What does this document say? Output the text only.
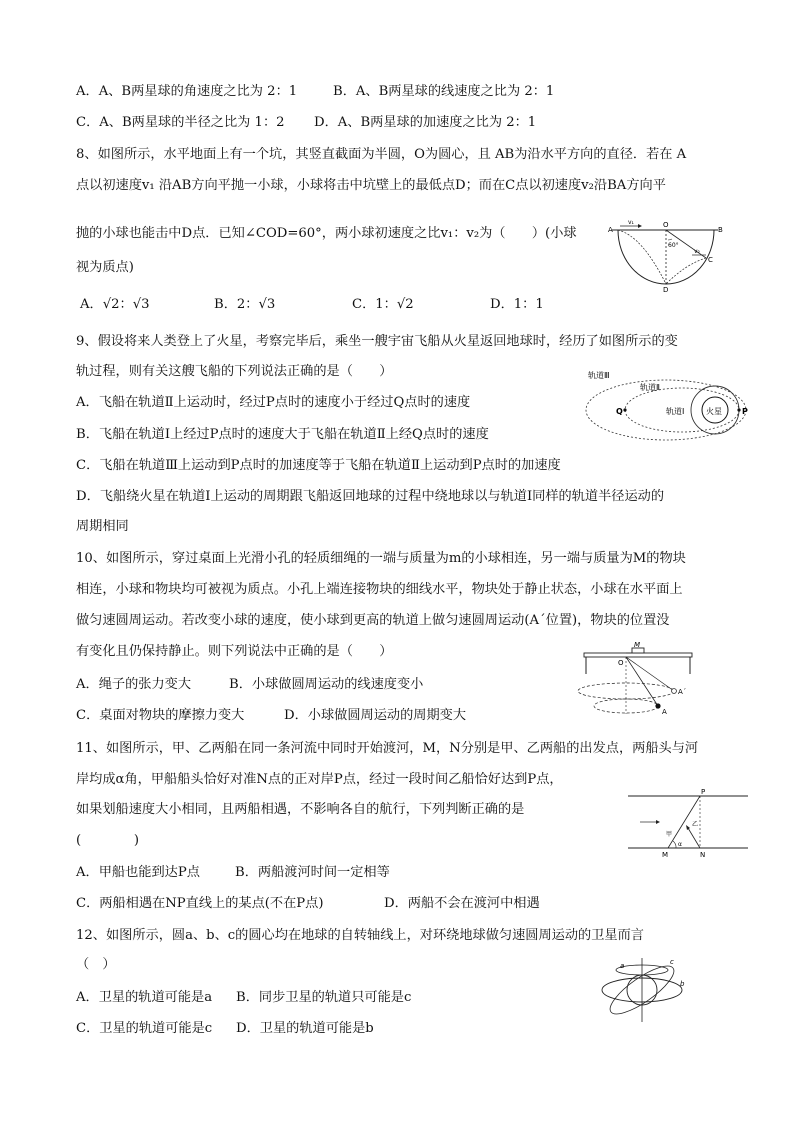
A．A、B两星球的角速度之比为 2：1	B．A、B两星球的线速度之比为 2：1
C．A、B两星球的半径之比为 1：2 D．A、B两星球的加速度之比为 2：1
8、如图所示，水平地面上有一个坑，其竖直截面为半圆，O为圆心，且 AB为沿水平方向的直径．若在 A
点以初速度v₁ 沿AB方向平抛一小球，小球将击中坑壁上的最低点D；而在C点以初速度v₂沿BA方向平
抛的小球也能击中D点．已知∠COD=60°，两小球初速度之比v₁：v₂为（　　）(小球
视为质点)
A．√2：√3	B．2：√3	C．1：√2	D．1：1
A
O
B
C
D
v₁
v₂
60°
9、假设将来人类登上了火星，考察完毕后，乘坐一艘宇宙飞船从火星返回地球时，经历了如图所示的变
轨过程，则有关这艘飞船的下列说法正确的是（　　）
A．飞船在轨道Ⅱ上运动时，经过P点时的速度小于经过Q点时的速度
B．飞船在轨道Ⅰ上经过P点时的速度大于飞船在轨道Ⅱ上经Q点时的速度
C．飞船在轨道Ⅲ上运动到P点时的加速度等于飞船在轨道Ⅱ上运动到P点时的加速度
D．飞船绕火星在轨道Ⅰ上运动的周期跟飞船返回地球的过程中绕地球以与轨道Ⅰ同样的轨道半径运动的
周期相同
轨道Ⅲ
轨道Ⅱ
轨道Ⅰ
Q	P
火星
10、如图所示，穿过桌面上光滑小孔的轻质细绳的一端与质量为m的小球相连，另一端与质量为M的物块
相连，小球和物块均可被视为质点。小孔上端连接物块的细线水平，物块处于静止状态，小球在水平面上
做匀速圆周运动。若改变小球的速度，使小球到更高的轨道上做匀速圆周运动(A´位置)，物块的位置没
有变化且仍保持静止。则下列说法中正确的是（　　）
A．绳子的张力变大	B．小球做圆周运动的线速度变小
C．桌面对物块的摩擦力变大	D．小球做圆周运动的周期变大
M
O
A´
A
11、如图所示，甲、乙两船在同一条河流中同时开始渡河，M，N分别是甲、乙两船的出发点，两船头与河
岸均成α角，甲船船头恰好对准N点的正对岸P点，经过一段时间乙船恰好达到P点，
如果划船速度大小相同，且两船相遇，不影响各自的航行，下列判断正确的是
(　　　　)
A．甲船也能到达P点	B．两船渡河时间一定相等
C．两船相遇在NP直线上的某点(不在P点)	D．两船不会在渡河中相遇
P
M	N
甲
乙
α
12、如图所示，圆a、b、c的圆心均在地球的自转轴线上，对环绕地球做匀速圆周运动的卫星而言
（　）
A．卫星的轨道可能是a B．同步卫星的轨道只可能是c
C．卫星的轨道可能是c D．卫星的轨道可能是b
a
b
c
